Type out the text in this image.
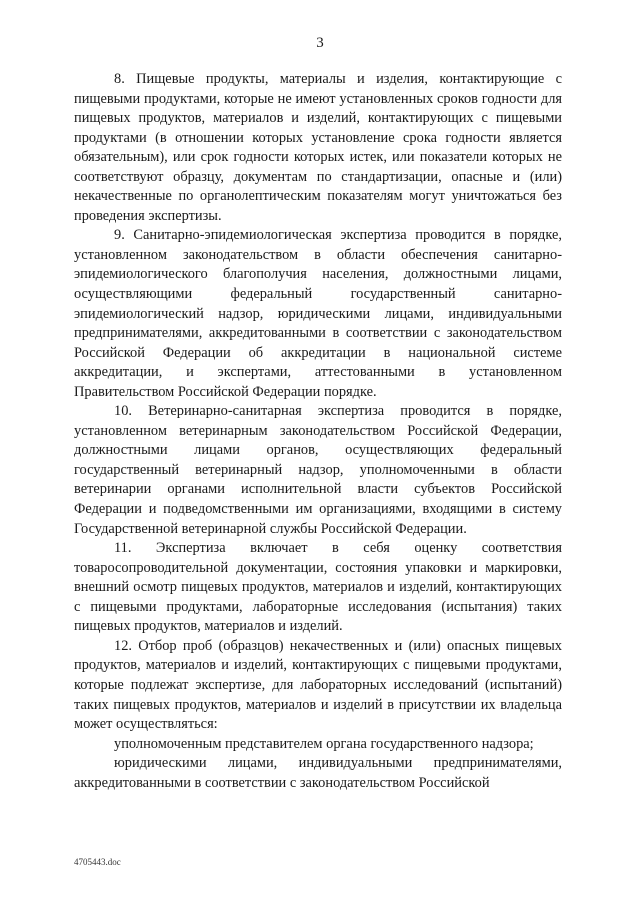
3

8. Пищевые продукты, материалы и изделия, контактирующие с пищевыми продуктами, которые не имеют установленных сроков годности для пищевых продуктов, материалов и изделий, контактирующих с пищевыми продуктами (в отношении которых установление срока годности является обязательным), или срок годности которых истек, или показатели которых не соответствуют образцу, документам по стандартизации, опасные и (или) некачественные по органолептическим показателям могут уничтожаться без проведения экспертизы.

9. Санитарно-эпидемиологическая экспертиза проводится в порядке, установленном законодательством в области обеспечения санитарно-эпидемиологического благополучия населения, должностными лицами, осуществляющими федеральный государственный санитарно-эпидемиологический надзор, юридическими лицами, индивидуальными предпринимателями, аккредитованными в соответствии с законодательством Российской Федерации об аккредитации в национальной системе аккредитации, и экспертами, аттестованными в установленном Правительством Российской Федерации порядке.

10. Ветеринарно-санитарная экспертиза проводится в порядке, установленном ветеринарным законодательством Российской Федерации, должностными лицами органов, осуществляющих федеральный государственный ветеринарный надзор, уполномоченными в области ветеринарии органами исполнительной власти субъектов Российской Федерации и подведомственными им организациями, входящими в систему Государственной ветеринарной службы Российской Федерации.

11. Экспертиза включает в себя оценку соответствия товаросопроводительной документации, состояния упаковки и маркировки, внешний осмотр пищевых продуктов, материалов и изделий, контактирующих с пищевыми продуктами, лабораторные исследования (испытания) таких пищевых продуктов, материалов и изделий.

12. Отбор проб (образцов) некачественных и (или) опасных пищевых продуктов, материалов и изделий, контактирующих с пищевыми продуктами, которые подлежат экспертизе, для лабораторных исследований (испытаний) таких пищевых продуктов, материалов и изделий в присутствии их владельца может осуществляться:

уполномоченным представителем органа государственного надзора;

юридическими лицами, индивидуальными предпринимателями, аккредитованными в соответствии с законодательством Российской

4705443.doc
